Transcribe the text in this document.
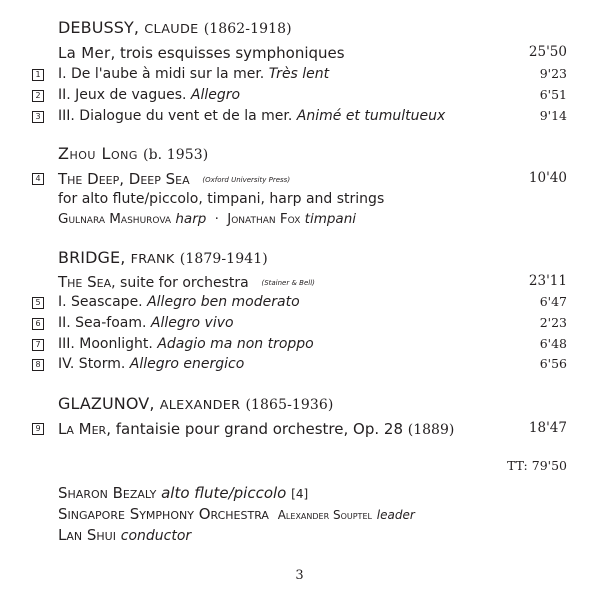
DEBUSSY, CLAUDE (1862-1918)
La Mer, trois esquisses symphoniques	25'50
1 I. De l'aube à midi sur la mer. Très lent	9'23
2 II. Jeux de vagues. Allegro	6'51
3 III. Dialogue du vent et de la mer. Animé et tumultueux	9'14
Zhou Long (b. 1953)
4 The Deep, Deep Sea (Oxford University Press)	10'40
for alto flute/piccolo, timpani, harp and strings
Gulnara Mashurova harp · Jonathan Fox timpani
BRIDGE, FRANK (1879-1941)
The Sea, suite for orchestra (Stainer & Bell)	23'11
5 I. Seascape. Allegro ben moderato	6'47
6 II. Sea-foam. Allegro vivo	2'23
7 III. Moonlight. Adagio ma non troppo	6'48
8 IV. Storm. Allegro energico	6'56
GLAZUNOV, ALEXANDER (1865-1936)
9 La Mer, fantaisie pour grand orchestre, Op. 28 (1889)	18'47
TT: 79'50
Sharon Bezaly alto flute/piccolo [4]
Singapore Symphony Orchestra Alexander Souptel leader
Lan Shui conductor
3
